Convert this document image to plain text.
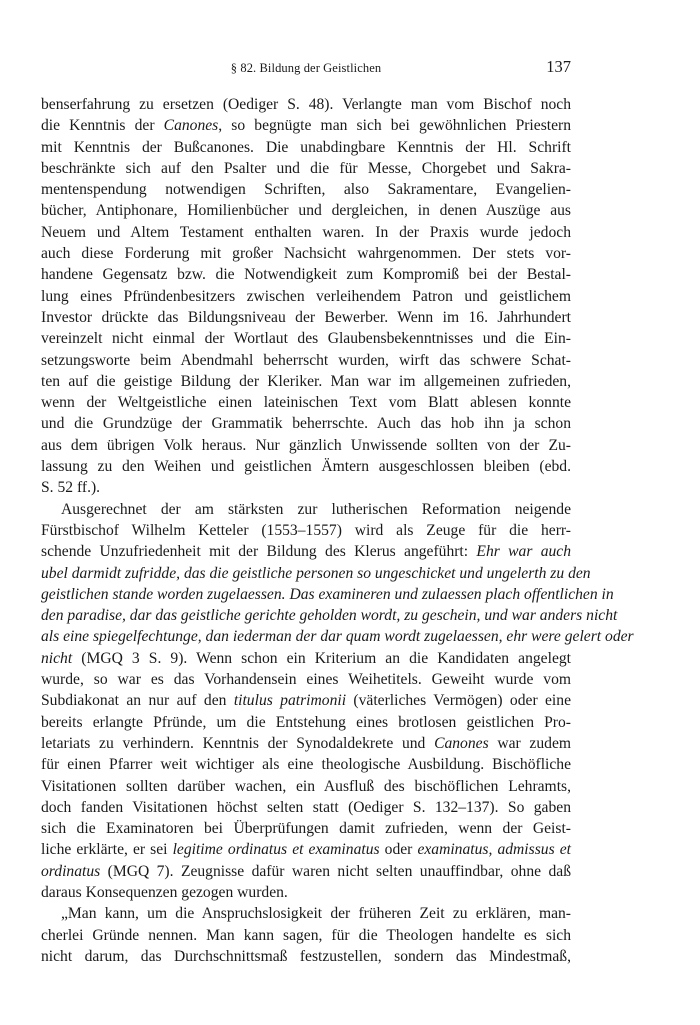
§ 82. Bildung der Geistlichen	137
benserfahrung zu ersetzen (Oediger S. 48). Verlangte man vom Bischof noch
die Kenntnis der Canones, so begnügte man sich bei gewöhnlichen Priestern
mit Kenntnis der Bußcanones. Die unabdingbare Kenntnis der Hl. Schrift
beschränkte sich auf den Psalter und die für Messe, Chorgebet und Sakra-
mentenspendung notwendigen Schriften, also Sakramentare, Evangelien-
bücher, Antiphonare, Homilienbücher und dergleichen, in denen Auszüge aus
Neuem und Altem Testament enthalten waren. In der Praxis wurde jedoch
auch diese Forderung mit großer Nachsicht wahrgenommen. Der stets vor-
handene Gegensatz bzw. die Notwendigkeit zum Kompromiß bei der Bestal-
lung eines Pfründenbesitzers zwischen verleihendem Patron und geistlichem
Investor drückte das Bildungsniveau der Bewerber. Wenn im 16. Jahrhundert
vereinzelt nicht einmal der Wortlaut des Glaubensbekenntnisses und die Ein-
setzungsworte beim Abendmahl beherrscht wurden, wirft das schwere Schat-
ten auf die geistige Bildung der Kleriker. Man war im allgemeinen zufrieden,
wenn der Weltgeistliche einen lateinischen Text vom Blatt ablesen konnte
und die Grundzüge der Grammatik beherrschte. Auch das hob ihn ja schon
aus dem übrigen Volk heraus. Nur gänzlich Unwissende sollten von der Zu-
lassung zu den Weihen und geistlichen Ämtern ausgeschlossen bleiben (ebd.
S. 52 ff.).
Ausgerechnet der am stärksten zur lutherischen Reformation neigende
Fürstbischof Wilhelm Ketteler (1553–1557) wird als Zeuge für die herr-
schende Unzufriedenheit mit der Bildung des Klerus angeführt: Ehr war auch
ubel darmidt zufridde, das die geistliche personen so ungeschicket und ungelerth zu den
geistlichen stande worden zugelaessen. Das examineren und zulaessen plach offentlichen in
den paradise, dar das geistliche gerichte geholden wordt, zu geschein, und war anders nicht
als eine spiegelfechtunge, dan iederman der dar quam wordt zugelaessen, ehr were gelert oder
nicht (MGQ 3 S. 9). Wenn schon ein Kriterium an die Kandidaten angelegt
wurde, so war es das Vorhandensein eines Weihetitels. Geweiht wurde vom
Subdiakonat an nur auf den titulus patrimonii (väterliches Vermögen) oder eine
bereits erlangte Pfründe, um die Entstehung eines brotlosen geistlichen Pro-
letariats zu verhindern. Kenntnis der Synodaldekrete und Canones war zudem
für einen Pfarrer weit wichtiger als eine theologische Ausbildung. Bischöfliche
Visitationen sollten darüber wachen, ein Ausfluß des bischöflichen Lehramts,
doch fanden Visitationen höchst selten statt (Oediger S. 132–137). So gaben
sich die Examinatoren bei Überprüfungen damit zufrieden, wenn der Geist-
liche erklärte, er sei legitime ordinatus et examinatus oder examinatus, admissus et
ordinatus (MGQ 7). Zeugnisse dafür waren nicht selten unauffindbar, ohne daß
daraus Konsequenzen gezogen wurden.
„Man kann, um die Anspruchslosigkeit der früheren Zeit zu erklären, man-
cherlei Gründe nennen. Man kann sagen, für die Theologen handelte es sich
nicht darum, das Durchschnittsmaß festzustellen, sondern das Mindestmaß,
